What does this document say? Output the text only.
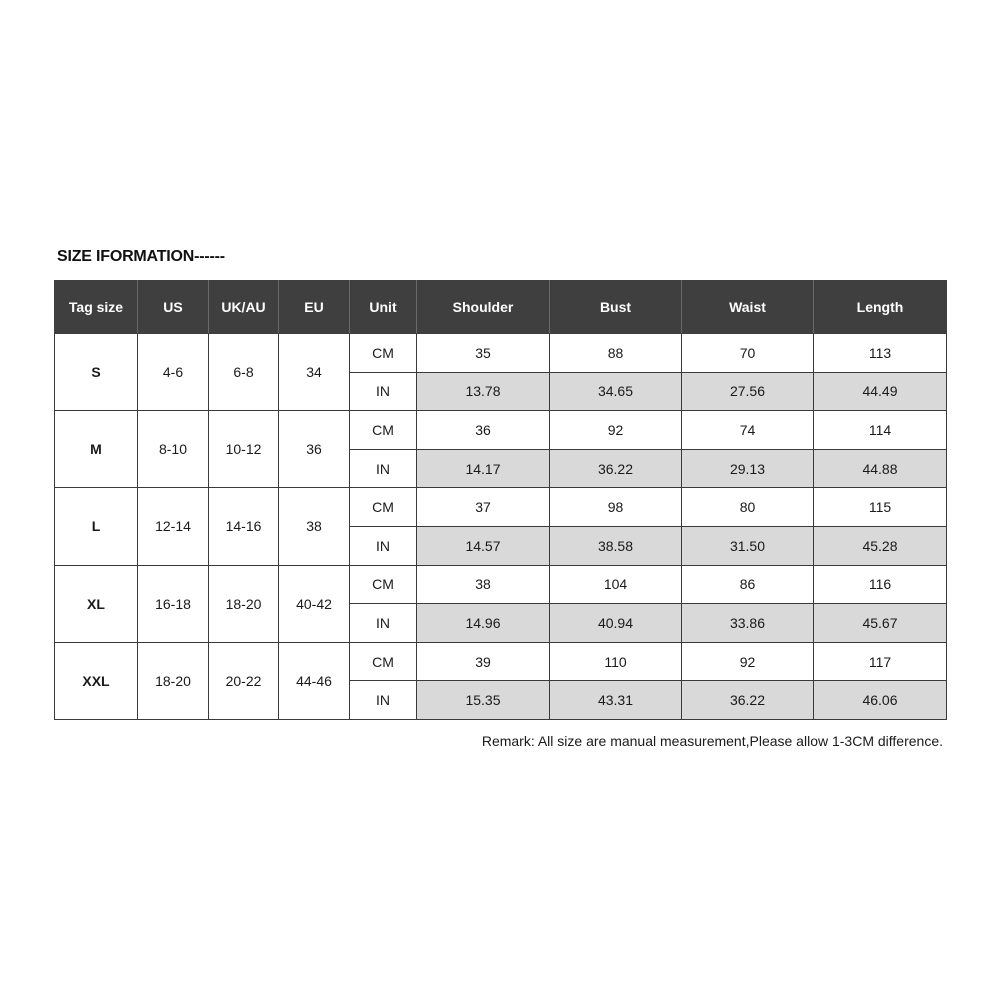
SIZE IFORMATION------
Tag size	US	UK/AU	EU	Unit	Shoulder	Bust	Waist	Length
S	4-6	6-8	34	CM	35	88	70	113
				IN	13.78	34.65	27.56	44.49
M	8-10	10-12	36	CM	36	92	74	114
				IN	14.17	36.22	29.13	44.88
L	12-14	14-16	38	CM	37	98	80	115
				IN	14.57	38.58	31.50	45.28
XL	16-18	18-20	40-42	CM	38	104	86	116
				IN	14.96	40.94	33.86	45.67
XXL	18-20	20-22	44-46	CM	39	110	92	117
				IN	15.35	43.31	36.22	46.06
Remark: All size are manual measurement,Please allow 1-3CM difference.
